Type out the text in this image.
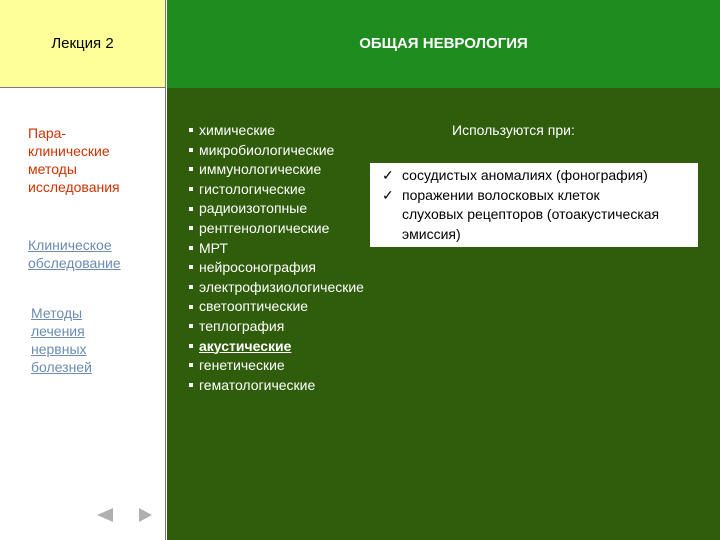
Лекция 2	ОБЩАЯ НЕВРОЛОГИЯ
Пара-
клинические
методы
исследования
Клиническое
обследование
Методы
лечения
нервных
болезней
химические
микробиологические
иммунологические
гистологические
радиоизотопные
рентгенологические
МРТ
нейросонография
электрофизиологические
светооптические
теплография
акустические
генетические
гематологические
Используются при:
✓ сосудистых аномалиях (фонография)
✓ поражении волосковых клеток
слуховых рецепторов (отоакустическая
эмиссия)
